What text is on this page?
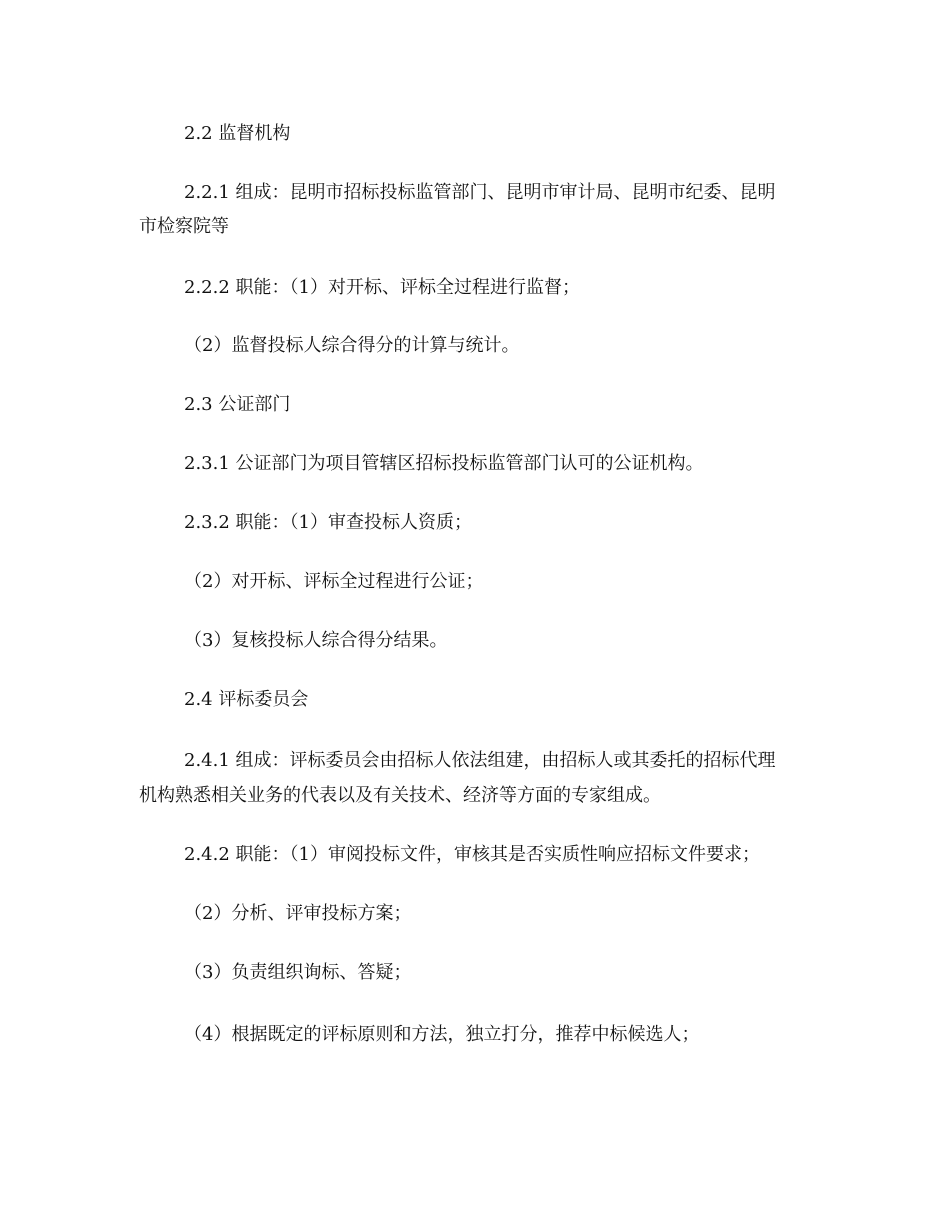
2.2 监督机构
2.2.1 组成：昆明市招标投标监管部门、昆明市审计局、昆明市纪委、昆明
市检察院等
2.2.2 职能：（1）对开标、评标全过程进行监督；
（2）监督投标人综合得分的计算与统计。
2.3 公证部门
2.3.1 公证部门为项目管辖区招标投标监管部门认可的公证机构。
2.3.2 职能：（1）审查投标人资质；
（2）对开标、评标全过程进行公证；
（3）复核投标人综合得分结果。
2.4 评标委员会
2.4.1 组成：评标委员会由招标人依法组建，由招标人或其委托的招标代理
机构熟悉相关业务的代表以及有关技术、经济等方面的专家组成。
2.4.2 职能：（1）审阅投标文件，审核其是否实质性响应招标文件要求；
（2）分析、评审投标方案；
（3）负责组织询标、答疑；
（4）根据既定的评标原则和方法，独立打分，推荐中标候选人；
